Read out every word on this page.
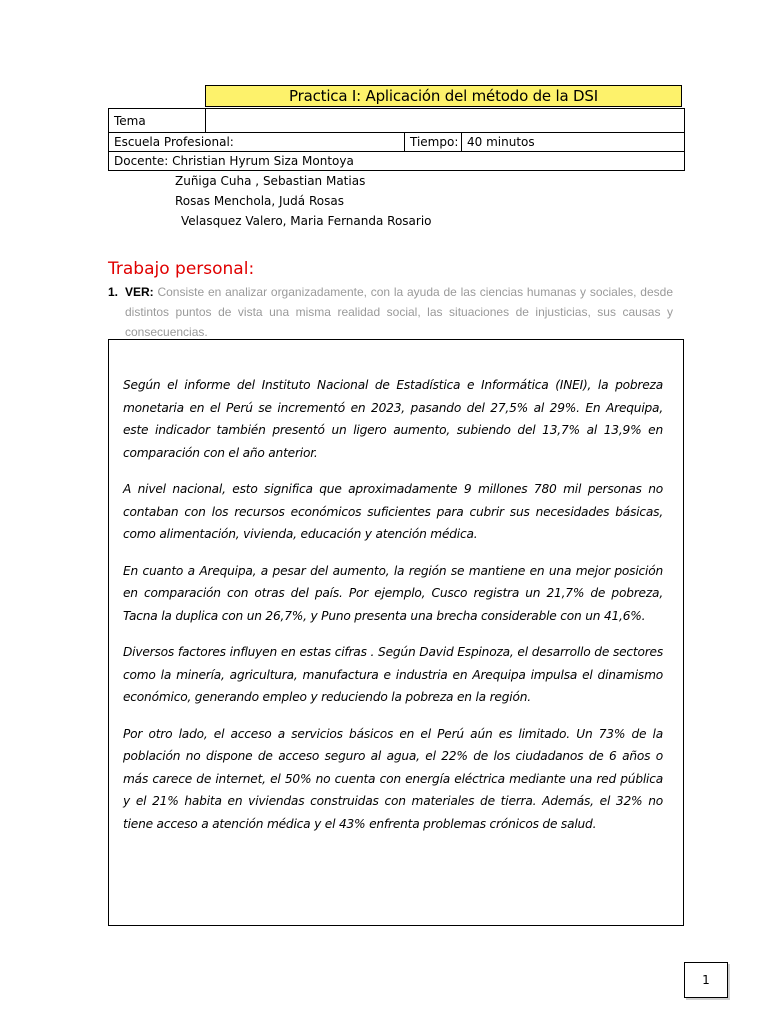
Practica I: Aplicación del método de la DSI
Tema			
Escuela Profesional:		Tiempo:	40 minutos
Docente: Christian Hyrum Siza Montoya			
Zuñiga Cuha , Sebastian Matias
Rosas Menchola, Judá Rosas
Velasquez Valero, Maria Fernanda Rosario
Trabajo personal:
1. VER: Consiste en analizar organizadamente, con la ayuda de las ciencias humanas y sociales, desde distintos puntos de vista una misma realidad social, las situaciones de injusticias, sus causas y consecuencias.

Según el informe del Instituto Nacional de Estadística e Informática (INEI), la pobreza monetaria en el Perú se incrementó en 2023, pasando del 27,5% al 29%. En Arequipa, este indicador también presentó un ligero aumento, subiendo del 13,7% al 13,9% en comparación con el año anterior.

A nivel nacional, esto significa que aproximadamente 9 millones 780 mil personas no contaban con los recursos económicos suficientes para cubrir sus necesidades básicas, como alimentación, vivienda, educación y atención médica.

En cuanto a Arequipa, a pesar del aumento, la región se mantiene en una mejor posición en comparación con otras del país. Por ejemplo, Cusco registra un 21,7% de pobreza, Tacna la duplica con un 26,7%, y Puno presenta una brecha considerable con un 41,6%.

Diversos factores influyen en estas cifras . Según David Espinoza, el desarrollo de sectores como la minería, agricultura, manufactura e industria en Arequipa impulsa el dinamismo económico, generando empleo y reduciendo la pobreza en la región.

Por otro lado, el acceso a servicios básicos en el Perú aún es limitado. Un 73% de la población no dispone de acceso seguro al agua, el 22% de los ciudadanos de 6 años o más carece de internet, el 50% no cuenta con energía eléctrica mediante una red pública y el 21% habita en viviendas construidas con materiales de tierra. Además, el 32% no tiene acceso a atención médica y el 43% enfrenta problemas crónicos de salud.

1
